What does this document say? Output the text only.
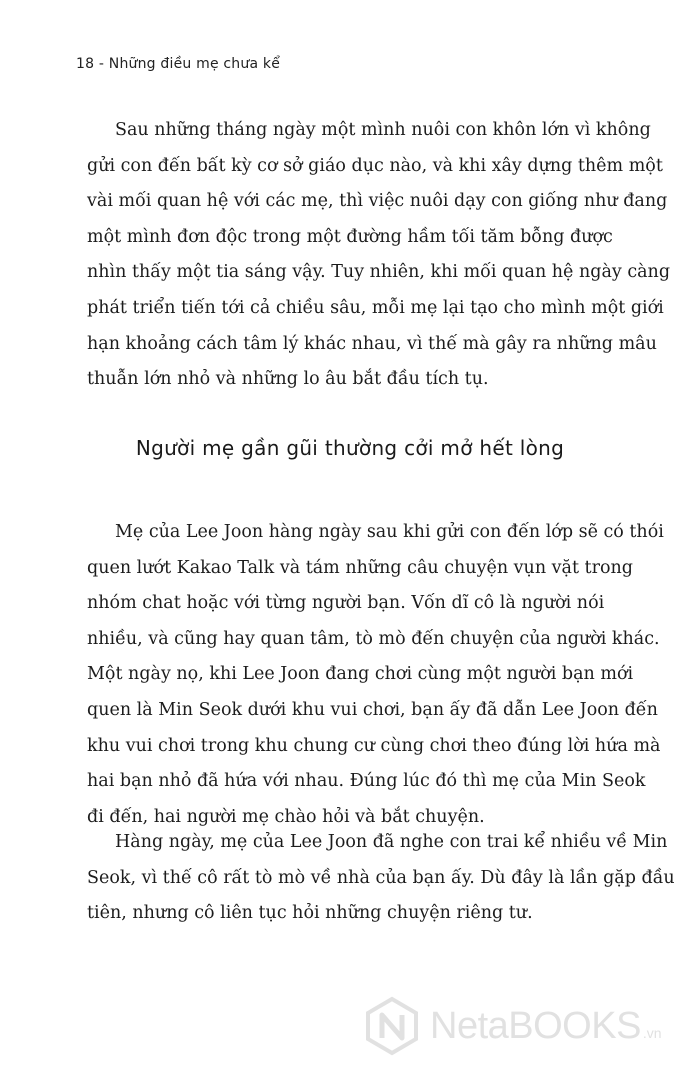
18 - Những điều mẹ chưa kể
Sau những tháng ngày một mình nuôi con khôn lớn vì không
gửi con đến bất kỳ cơ sở giáo dục nào, và khi xây dựng thêm một
vài mối quan hệ với các mẹ, thì việc nuôi dạy con giống như đang
một mình đơn độc trong một đường hầm tối tăm bỗng được
nhìn thấy một tia sáng vậy. Tuy nhiên, khi mối quan hệ ngày càng
phát triển tiến tới cả chiều sâu, mỗi mẹ lại tạo cho mình một giới
hạn khoảng cách tâm lý khác nhau, vì thế mà gây ra những mâu
thuẫn lớn nhỏ và những lo âu bắt đầu tích tụ.
Người mẹ gần gũi thường cởi mở hết lòng
Mẹ của Lee Joon hàng ngày sau khi gửi con đến lớp sẽ có thói
quen lướt Kakao Talk và tám những câu chuyện vụn vặt trong
nhóm chat hoặc với từng người bạn. Vốn dĩ cô là người nói
nhiều, và cũng hay quan tâm, tò mò đến chuyện của người khác.
Một ngày nọ, khi Lee Joon đang chơi cùng một người bạn mới
quen là Min Seok dưới khu vui chơi, bạn ấy đã dẫn Lee Joon đến
khu vui chơi trong khu chung cư cùng chơi theo đúng lời hứa mà
hai bạn nhỏ đã hứa với nhau. Đúng lúc đó thì mẹ của Min Seok
đi đến, hai người mẹ chào hỏi và bắt chuyện.
Hàng ngày, mẹ của Lee Joon đã nghe con trai kể nhiều về Min
Seok, vì thế cô rất tò mò về nhà của bạn ấy. Dù đây là lần gặp đầu
tiên, nhưng cô liên tục hỏi những chuyện riêng tư.
NetaBOOKS .vn
